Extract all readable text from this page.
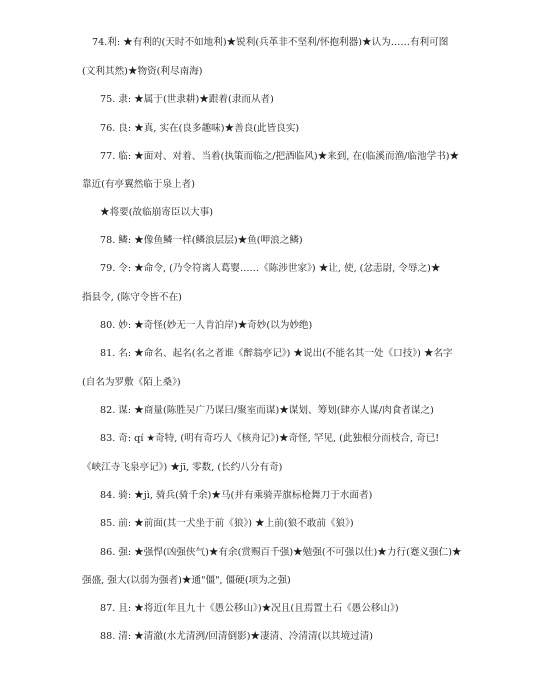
74.利: ★有利的(天时不如地利)★锐利(兵革非不坚利/怀抱利器)★认为……有利可图
(文利其然)★物资(利尽南海)
75. 隶: ★属于(世隶耕)★跟着(隶而从者)
76. 良: ★真, 实在(良多趣味)★善良(此皆良实)
77. 临: ★面对、对着、当着(执策而临之/把酒临风)★来到, 在(临溪而渔/临池学书)★
靠近(有亭翼然临于泉上者)
★将要(故临崩寄臣以大事)
78. 鳞: ★像鱼鳞一样(鳞浪层层)★鱼(呷浪之鳞)
79. 令: ★命令, (乃令符离人葛婴……《陈涉世家》) ★让, 使, (忿恚尉, 令辱之)★
指县令, (陈守令皆不在)
80. 妙: ★奇怪(妙无一人肯泊岸)★奇妙(以为妙绝)
81. 名: ★命名、起名(名之者谁《醉翁亭记》) ★说出(不能名其一处《口技》) ★名字
(自名为罗敷《陌上桑》)
82. 谋: ★商量(陈胜吴广乃谋曰/聚室而谋)★谋划、筹划(肆亦人谋/肉食者谋之)
83. 奇: qí ★奇特, (明有奇巧人《核舟记》)★奇怪, 罕见, (此独根分而枝合, 奇已!
《峡江寺飞泉亭记》) ★jī, 零数, (长约八分有奇)
84. 骑: ★jì, 骑兵(骑千余)★马(并有乘骑弄旗标枪舞刀于水面者)
85. 前: ★前面(其一犬坐于前《狼》) ★上前(狼不敢前《狼》)
86. 强: ★强悍(凶强侠气)★有余(赏赐百千强)★勉强(不可强以仕)★力行(蹇义强仁)★
强盛, 强大(以弱为强者)★通"僵", 僵硬(项为之强)
87. 且: ★将近(年且九十《愚公移山》)★况且(且焉置土石《愚公移山》)
88. 清: ★清澈(水尤清洌/回清倒影)★凄清、冷清清(以其境过清)
